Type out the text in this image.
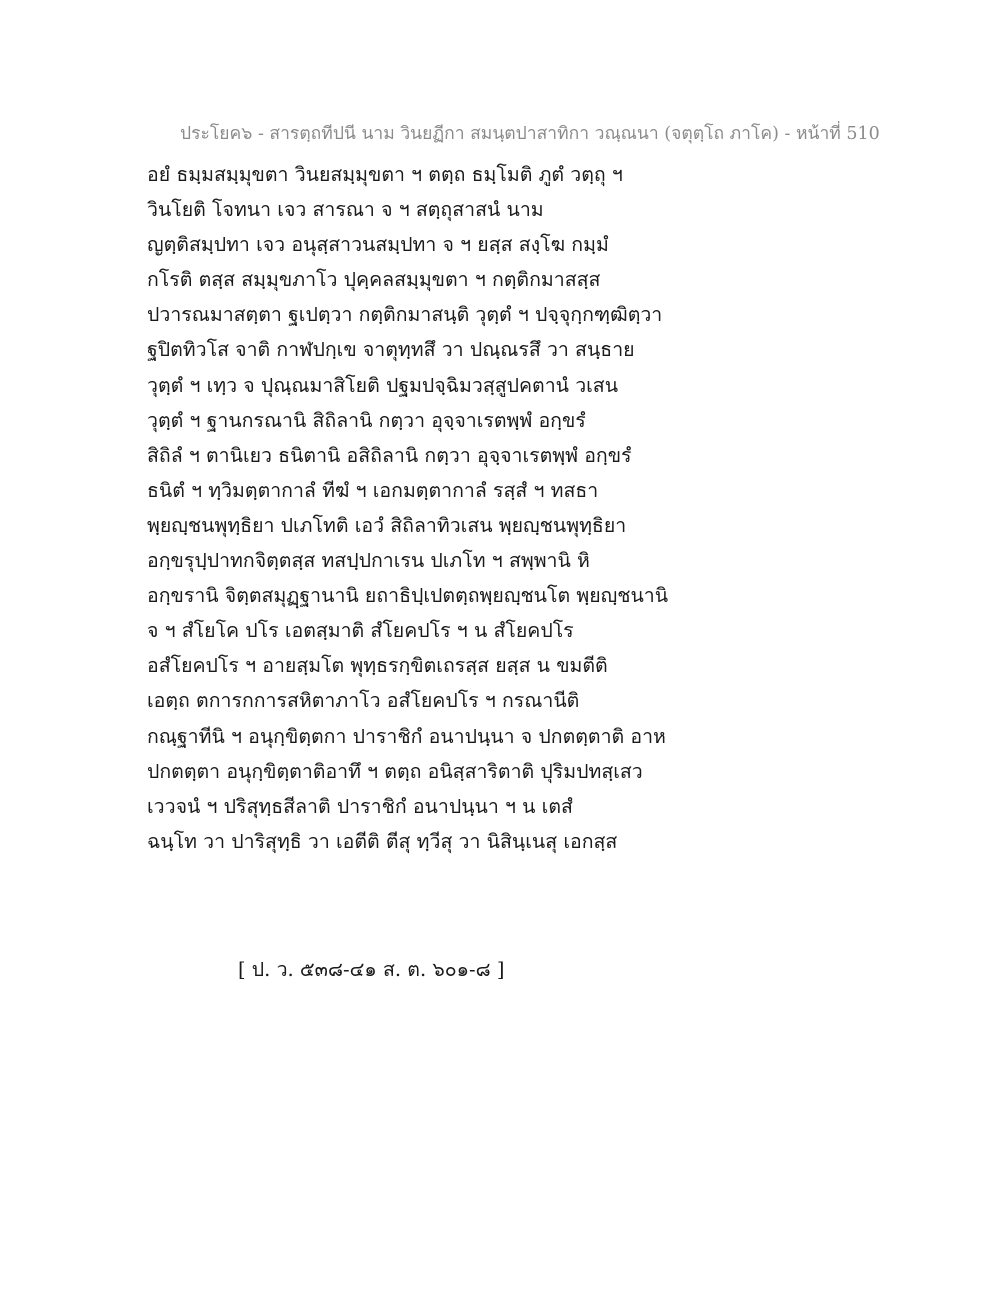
ประโยค๖ - สารตฺถทีปนี นาม วินยฏีกา สมนฺตปาสาทิกา วณฺณนา (จตุตฺโถ ภาโค) - หน้าที่ 510
อยํ ธมฺมสมฺมุขตา วินยสมฺมุขตา ฯ ตตฺถ ธมฺโมติ ภูตํ วตฺถุ ฯ
วินโยติ โจทนา เจว สารณา จ ฯ สตฺถุสาสนํ นาม
ญตฺติสมฺปทา เจว อนุสฺสาวนสมฺปทา จ ฯ ยสฺส สงฺโฆ กมฺมํ
กโรติ ตสฺส สมฺมุขภาโว ปุคฺคลสมฺมุขตา ฯ กตฺติกมาสสฺส
ปวารณมาสตฺตา ฐเปตฺวา กตฺติกมาสนฺติ วุตฺตํ ฯ ปจฺจุกฺกฑฺฒิตฺวา
ฐปิตทิวโส จาติ กาฬปกฺเข จาตุทฺทสึ วา ปณฺณรสึ วา สนฺธาย
วุตฺตํ ฯ เทฺว จ ปุณฺณมาสิโยติ ปฐมปจฺฉิมวสฺสูปคตานํ วเสน
วุตฺตํ ฯ ฐานกรณานิ สิถิลานิ กตฺวา อุจฺจาเรตพฺพํ อกฺขรํ
สิถิลํ ฯ ตานิเยว ธนิตานิ อสิถิลานิ กตฺวา อุจฺจาเรตพฺพํ อกฺขรํ
ธนิตํ ฯ ทฺวิมตฺตากาลํ ทีฆํ ฯ เอกมตฺตากาลํ รสฺสํ ฯ ทสธา
พฺยญฺชนพุทฺธิยา ปเภโทติ เอวํ สิถิลาทิวเสน พฺยญฺชนพุทฺธิยา
อกฺขรุปฺปาทกจิตฺตสฺส ทสปฺปกาเรน ปเภโท ฯ สพฺพานิ หิ
อกฺขรานิ จิตฺตสมุฏฺฐานานิ ยถาธิปฺเปตตฺถพฺยญฺชนโต พฺยญฺชนานิ
จ ฯ สํโยโค ปโร เอตสฺมาติ สํโยคปโร ฯ น สํโยคปโร
อสํโยคปโร ฯ อายสฺมโต พุทฺธรกฺขิตเถรสฺส ยสฺส น ขมตีติ
เอตฺถ ตการกการสหิตาภาโว อสํโยคปโร ฯ กรณานีติ
กณฺฐาทีนิ ฯ อนุกฺขิตฺตกา ปาราชิกํ อนาปนฺนา จ ปกตตฺตาติ อาห
ปกตตฺตา อนุกฺขิตฺตาติอาทึ ฯ ตตฺถ อนิสฺสาริตาติ ปุริมปทสฺเสว
เววจนํ ฯ ปริสุทฺธสีลาติ ปาราชิกํ อนาปนฺนา ฯ น เตสํ
ฉนฺโท วา ปาริสุทฺธิ วา เอตีติ ตีสุ ทฺวีสุ วา นิสินฺเนสุ เอกสฺส
[ ป. ว. ๕๓๘-๔๑ ส. ต. ๖๐๑-๘ ]
